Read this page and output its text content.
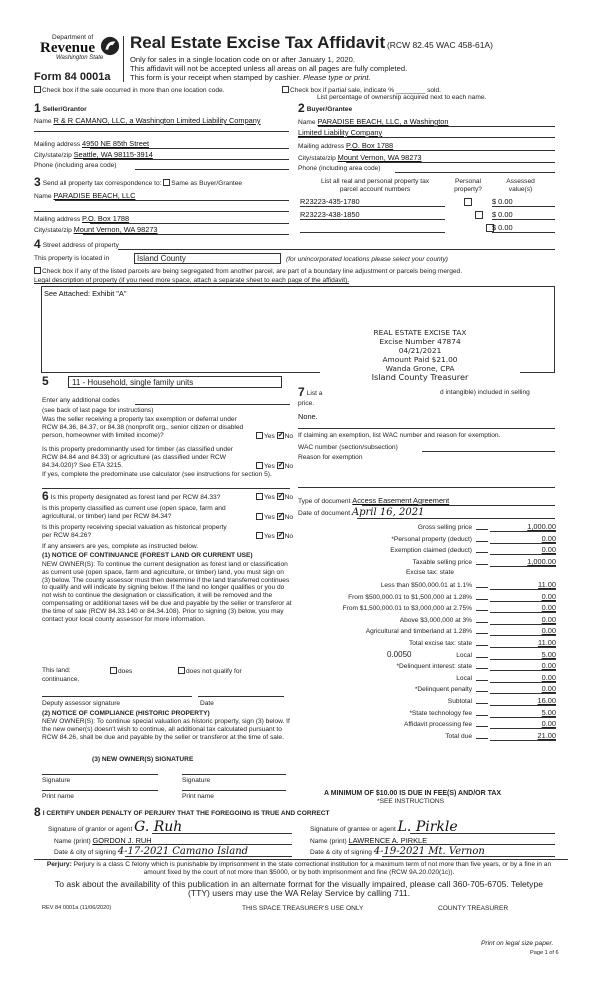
Department of
Revenue
Washington State
Form 84 0001a
Real Estate Excise Tax Affidavit (RCW 82.45 WAC 458-61A)
Only for sales in a single location code on or after January 1, 2020.
This affidavit will not be accepted unless all areas on all pages are fully completed.
This form is your receipt when stamped by cashier. Please type or print.
Check box if the sale occurred in more than one location code.	Check box if partial sale, indicate % ________ sold.
List percentage of ownership acquired next to each name.
1 Seller/Grantor
Name R & R CAMANO, LLC, a Washington Limited Liability Company
Mailing address 4950 NE 85th Street
City/state/zip Seattle, WA 98115-3914
Phone (including area code)
2 Buyer/Grantee
Name PARADISE BEACH, LLC, a Washington
Limited Liability Company
Mailing address P.O. Box 1788
City/state/zip Mount Vernon, WA 98273
Phone (including area code)
3 Send all property tax correspondence to: Same as Buyer/Grantee
Name PARADISE BEACH, LLC
Mailing address P.O. Box 1788
City/state/zip Mount Vernon, WA 98273
List all real and personal property tax
parcel account numbers
Personal
property?
Assessed
value(s)
R23223-435-1780
	$ 0.00
R23223-438-1850
	$ 0.00
$ 0.00
4 Street address of property
This property is located in	Island County	(for unincorporated locations please select your county)
Check box if any of the listed parcels are being segregated from another parcel, are part of a boundary line adjustment or parcels being merged.
Legal description of property (if you need more space, attach a separate sheet to each page of the affidavit).
See Attached: Exhibit "A"
REAL ESTATE EXCISE TAX
Excise Number 47874
04/21/2021
Amount Paid $21.00
Wanda Grone, CPA
Island County Treasurer
5	11 - Household, single family units
Enter any additional codes
(see back of last page for instructions)

Was the seller receiving a property tax exemption or deferral under RCW 84.36, 84.37, or 84.38 (nonprofit org., senior citizen or disabled person, homeowner with limited income)?	Yes ✓ No

Is this property predominantly used for timber (as classified under RCW 84.84 and 84.33) or agriculture (as classified under RCW 84.34.020)? See ETA 3215.	Yes ✓ No

If yes, complete the predominate use calculator (see instructions for section 5).

6 Is this property designated as forest land per RCW 84.33?	Yes ✓ No

Is this property classified as current use (open space, farm and agricultural, or timber) land per RCW 84.34?	Yes ✓ No

Is this property receiving special valuation as historical property per RCW 84.26?	Yes ✓ No
If any answers are yes, complete as instructed below.
(1) NOTICE OF CONTINUANCE (FOREST LAND OR CURRENT USE)

NEW OWNER(S): To continue the current designation as forest land or classification as current use (open space, farm and agriculture, or timber) land, you must sign on (3) below. The county assessor must then determine if the land transferred continues to qualify and will indicate by signing below. If the land no longer qualifies or you do not wish to continue the designation or classification, it will be removed and the compensating or additional taxes will be due and payable by the seller or transferor at the time of sale (RCW 84.33.140 or 84.34.108). Prior to signing (3) below, you may contact your local county assessor for more information.

This land:	does	does not qualify for
continuance.
Deputy assessor signature	Date
(2) NOTICE OF COMPLIANCE (HISTORIC PROPERTY)

NEW OWNER(S): To continue special valuation as historic property, sign (3) below. If the new owner(s) doesn't wish to continue, all additional tax calculated pursuant to RCW 84.26, shall be due and payable by the seller or transferor at the time of sale.

(3) NEW OWNER(S) SIGNATURE
Signature	Signature
Print name	Print name
7 List a	d intangible) included in selling
price.
None.
If claiming an exemption, list WAC number and reason for exemption.
WAC number (section/subsection)
Reason for exemption
Type of document Access Easement Agreement
Date of document April 16, 2021
Gross selling price	1,000.00
*Personal property (deduct)	0.00
Exemption claimed (deduct)	0.00
Taxable selling price	1,000.00
Excise tax: state
Less than $500,000.01 at 1.1%	11.00
From $500,000.01 to $1,500,000 at 1.28%	0.00
From $1,500,000.01 to $3,000,000 at 2.75%	0.00
Above $3,000,000 at 3%	0.00
Agricultural and timberland at 1.28%	0.00
Total excise tax: state	11.00
Local	5.00
*Delinquent interest: state	0.00
Local	0.00
*Delinquent penalty	0.00
Subtotal	16.00
*State technology fee	5.00
Affidavit processing fee	0.00
Total due	21.00
0.0050
A MINIMUM OF $10.00 IS DUE IN FEE(S) AND/OR TAX
*SEE INSTRUCTIONS
8 I CERTIFY UNDER PENALTY OF PERJURY THAT THE FOREGOING IS TRUE AND CORRECT
Signature of grantor or agent G. Ruh
Name (print) GORDON J. RUH
Date & city of signing 4-17-2021 Camano Island
Signature of grantee or agent L. Pirkle
Name (print) LAWRENCE A. PIRKLE
Date & city of signing 4-19-2021 Mt. Vernon

Perjury: Perjury is a class C felony which is punishable by imprisonment in the state correctional institution for a maximum term of not more than five years, or by a fine in an amount fixed by the court of not more than $5000, or by both imprisonment and fine (RCW 9A.20.020(1c)).

To ask about the availability of this publication in an alternate format for the visually impaired, please call 360-705-6705. Teletype (TTY) users may use the WA Relay Service by calling 711.

REV 84 0001a (11/06/2020)	THIS SPACE TREASURER'S USE ONLY	COUNTY TREASURER
Print on legal size paper.
Page 1 of 6
